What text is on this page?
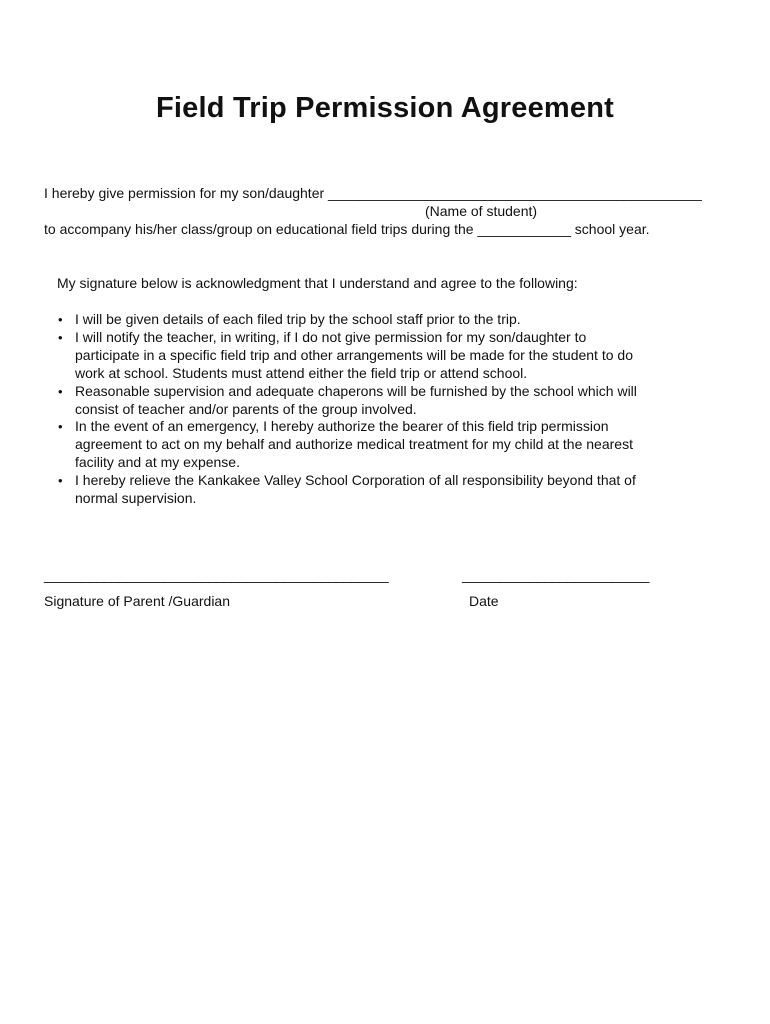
Field Trip Permission Agreement
I hereby give permission for my son/daughter ________________________________________________
(Name of student)
to accompany his/her class/group on educational field trips during the ____________ school year.
My signature below is acknowledgment that I understand and agree to the following:
• I will be given details of each filed trip by the school staff prior to the trip.
• I will notify the teacher, in writing, if I do not give permission for my son/daughter to
participate in a specific field trip and other arrangements will be made for the student to do
work at school. Students must attend either the field trip or attend school.
• Reasonable supervision and adequate chaperons will be furnished by the school which will
consist of teacher and/or parents of the group involved.
• In the event of an emergency, I hereby authorize the bearer of this field trip permission
agreement to act on my behalf and authorize medical treatment for my child at the nearest
facility and at my expense.
• I hereby relieve the Kankakee Valley School Corporation of all responsibility beyond that of
normal supervision.
______________________________________________	_________________________
Signature of Parent /Guardian	Date
